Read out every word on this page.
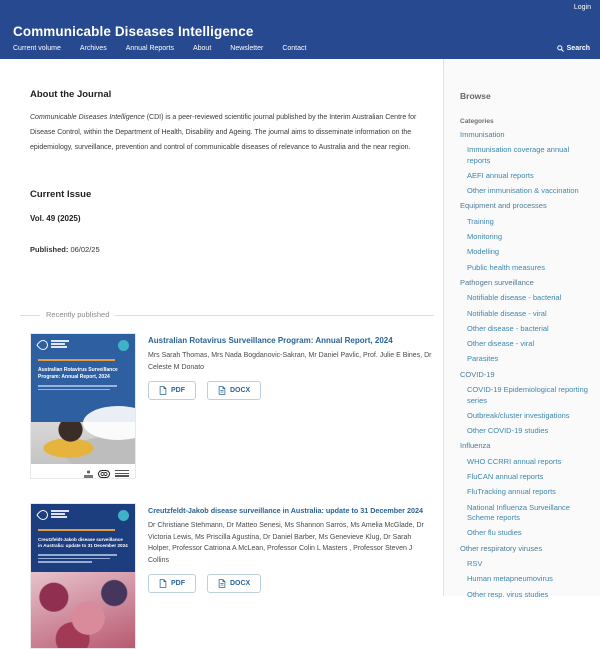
Login
Communicable Diseases Intelligence
Current volume	Archives	Annual Reports	About	Newsletter	Contact	Search
About the Journal

Communicable Diseases Intelligence (CDI) is a peer-reviewed scientific journal published by the Interim Australian Centre for Disease Control, within the Department of Health, Disability and Ageing. The journal aims to disseminate information on the epidemiology, surveillance, prevention and control of communicable diseases of relevance to Australia and the near region.

Current Issue
Vol. 49 (2025)
Published: 06/02/25
Recently published
Australian Rotavirus Surveillance Program: Annual Report, 2024
Australian Rotavirus Surveillance Program: Annual Report, 2024
Mrs Sarah Thomas, Mrs Nada Bogdanovic-Sakran, Mr Daniel Pavlic, Prof. Julie E Bines, Dr Celeste M Donato
PDF	DOCX
Creutzfeldt-Jakob disease surveillance in Australia: update to 31 December 2024
Creutzfeldt-Jakob disease surveillance in Australia: update to 31 December 2024
Dr Christiane Stehmann, Dr Matteo Senesi, Ms Shannon Sarros, Ms Amelia McGlade, Dr Victoria Lewis, Ms Priscilla Agustina, Dr Daniel Barber, Ms Genevieve Klug, Dr Sarah Holper, Professor Catriona A McLean, Professor Colin L Masters , Professor Steven J Collins
PDF	DOCX
Browse
Categories
Immunisation
Immunisation coverage annual reports
AEFI annual reports
Other immunisation & vaccination
Equipment and processes
Training
Monitoring
Modelling
Public health measures
Pathogen surveillance
Notifiable disease - bacterial
Notifiable disease - viral
Other disease - bacterial
Other disease - viral
Parasites
COVID-19
COVID-19 Epidemiological reporting series
Outbreak/cluster investigations
Other COVID-19 studies
Influenza
WHO CCRRI annual reports
FluCAN annual reports
FluTracking annual reports
National Influenza Surveillance Scheme reports
Other flu studies
Other respiratory viruses
RSV
Human metapneumovirus
Other resp. virus studies
